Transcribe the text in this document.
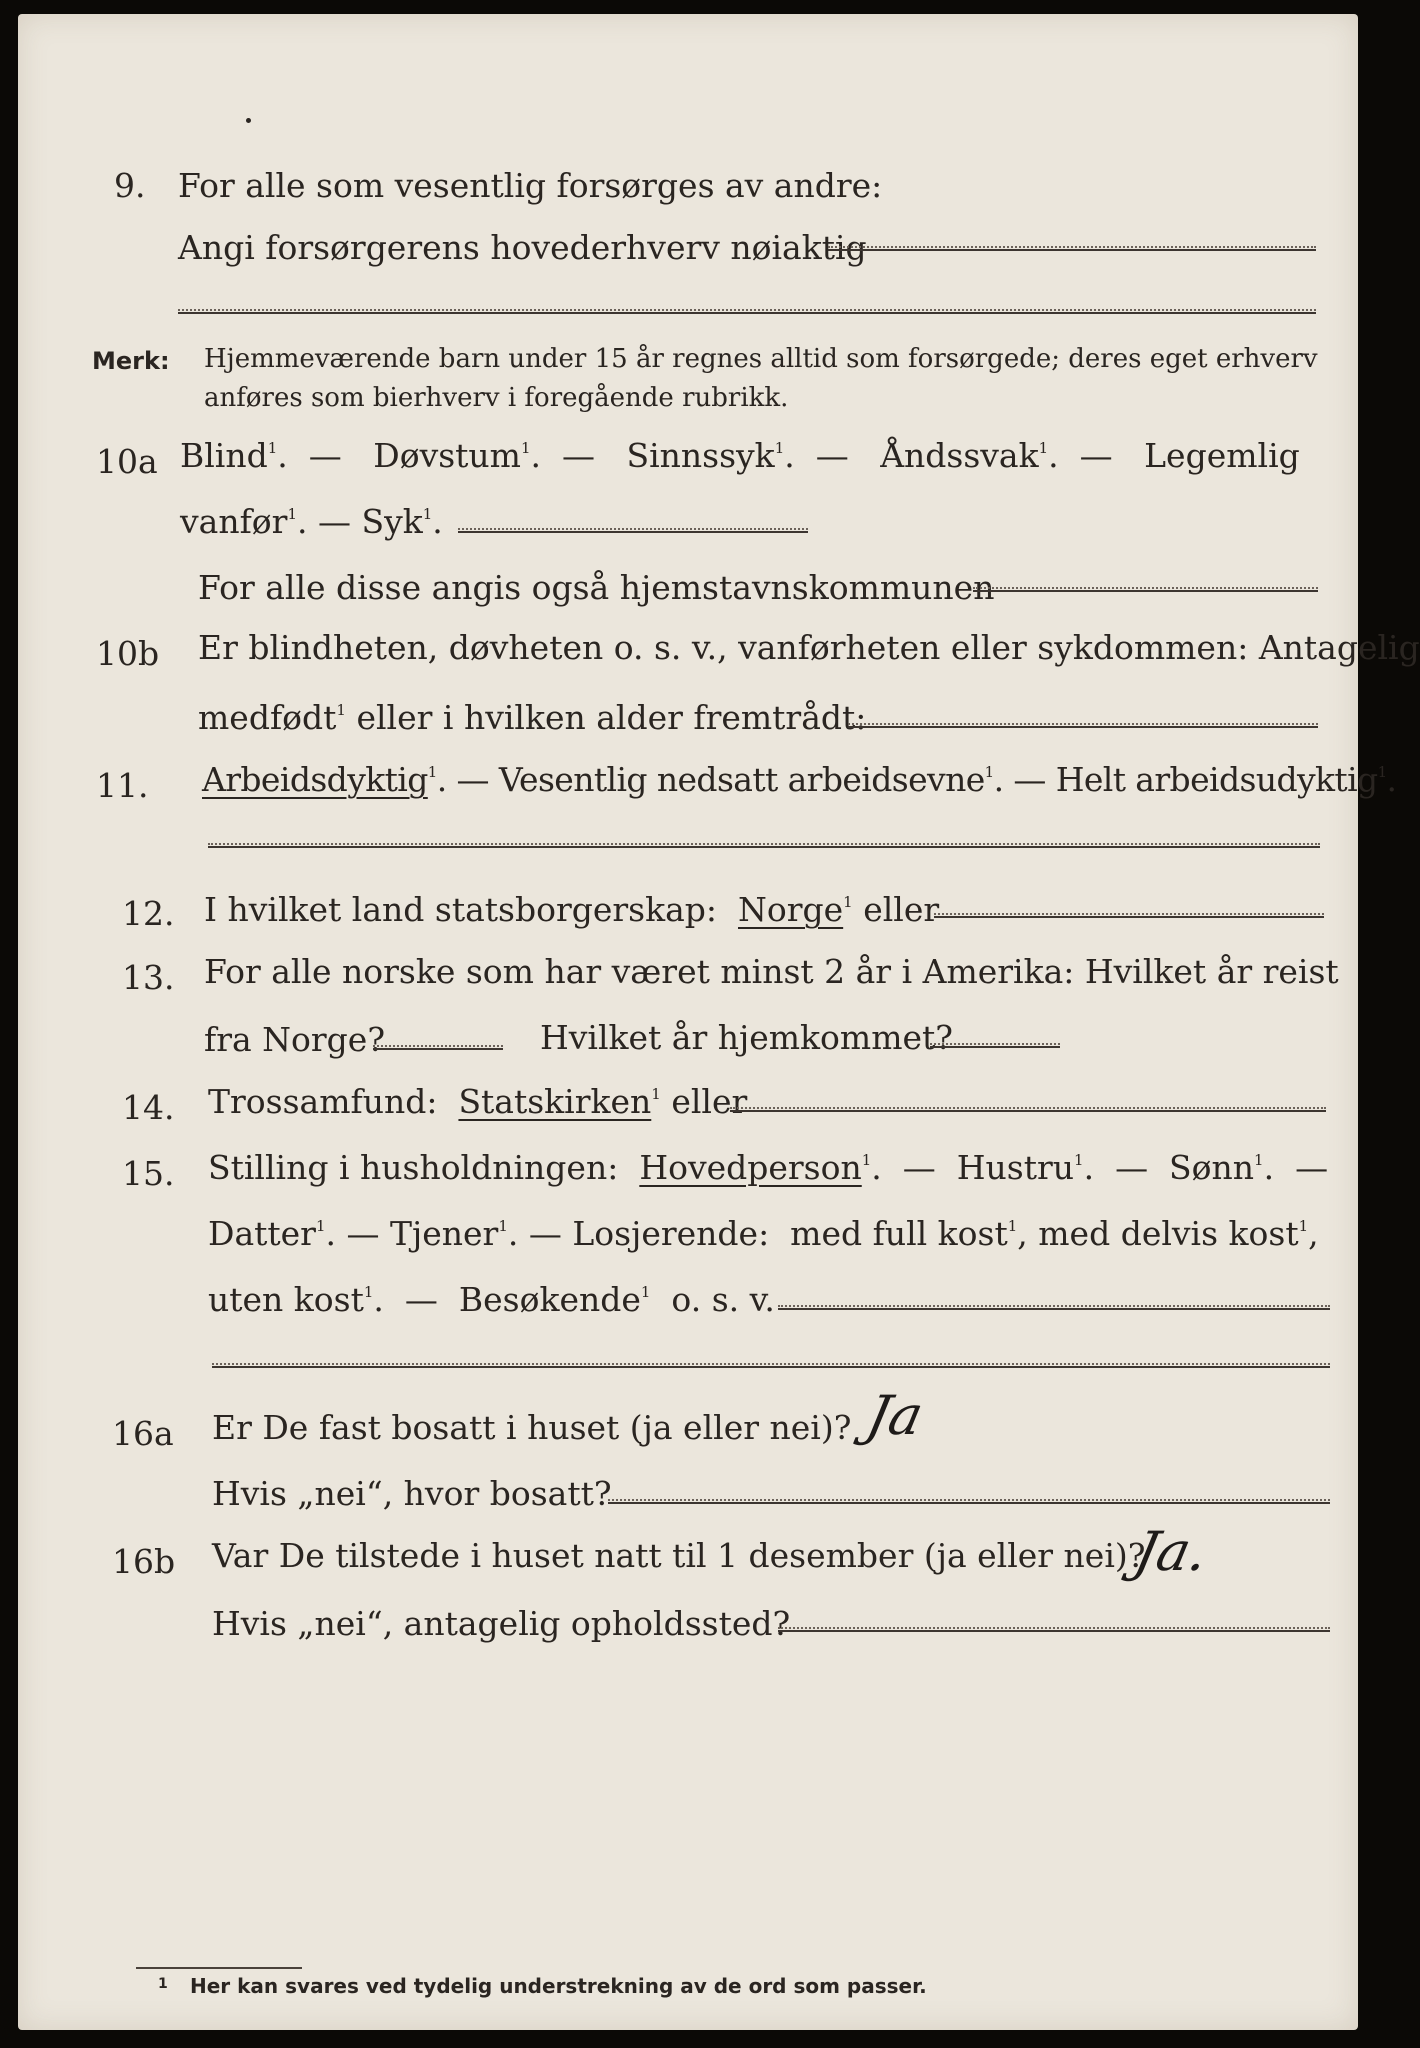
9. For alle som vesentlig forsørges av andre:
Angi forsørgerens hovederhverv nøiaktig
Merk: Hjemmeværende barn under 15 år regnes alltid som forsørgede; deres eget erhverv
anføres som bierhverv i foregående rubrikk.
10a Blind$^1$.  — Døvstum$^1$.  — Sinnssyk$^1$.  — Åndssvak$^1$.  — Legemlig
vanfør$^1$. — Syk$^1$.
For alle disse angis også hjemstavnskommunen
10b Er blindheten, døvheten o. s. v., vanførheten eller sykdommen: Antagelig
medfødt$^1$ eller i hvilken alder fremtrådt:
11. Arbeidsdyktig$^1$. — Vesentlig nedsatt arbeidsevne$^1$. — Helt arbeidsudyktig$^1$.
12. I hvilket land statsborgerskap: Norge$^1$ eller
13. For alle norske som har været minst 2 år i Amerika: Hvilket år reist
fra Norge?	Hvilket år hjemkommet?
14. Trossamfund: Statskirken$^1$ eller
15. Stilling i husholdningen: Hovedperson$^1$.  — Hustru$^1$.  — Sønn$^1$.  —
Datter$^1$. — Tjener$^1$. — Losjerende: med full kost$^1$, med delvis kost$^1$,
uten kost$^1$.  — Besøkende$^1$ o. s. v.
16a Er De fast bosatt i huset (ja eller nei)? Ja
Hvis „nei“, hvor bosatt?
16b Var De tilstede i huset natt til 1 desember (ja eller nei)?
Ja.
Hvis „nei“, antagelig opholdssted?
1 Her kan svares ved tydelig understrekning av de ord som passer.
